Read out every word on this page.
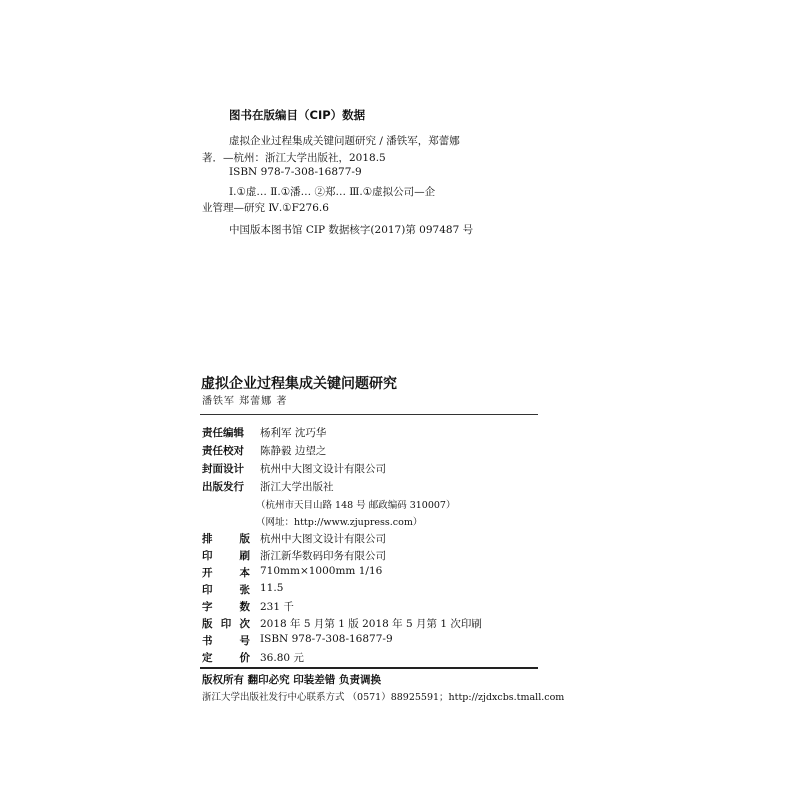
图书在版编目（CIP）数据
虚拟企业过程集成关键问题研究 / 潘铁军，郑蕾娜
著．—杭州：浙江大学出版社，2018.5
ISBN 978-7-308-16877-9
Ⅰ.①虚… Ⅱ.①潘… ②郑… Ⅲ.①虚拟公司—企
业管理—研究 Ⅳ.①F276.6
中国版本图书馆 CIP 数据核字(2017)第 097487 号
虚拟企业过程集成关键问题研究
潘铁军 郑蕾娜 著
责任编辑	杨利军 沈巧华
责任校对	陈静毅 边望之
封面设计	杭州中大图文设计有限公司
出版发行	浙江大学出版社
（杭州市天目山路 148 号 邮政编码 310007）
（网址：http://www.zjupress.com）
排	版 杭州中大图文设计有限公司
印	刷 浙江新华数码印务有限公司
开	本 710mm×1000mm 1/16
印	张 11.5
字	数 231 千
版 印 次 2018 年 5 月第 1 版 2018 年 5 月第 1 次印刷
书	号 ISBN 978-7-308-16877-9
定	价 36.80 元
版权所有 翻印必究 印装差错 负责调换
浙江大学出版社发行中心联系方式 （0571）88925591；http://zjdxcbs.tmall.com
